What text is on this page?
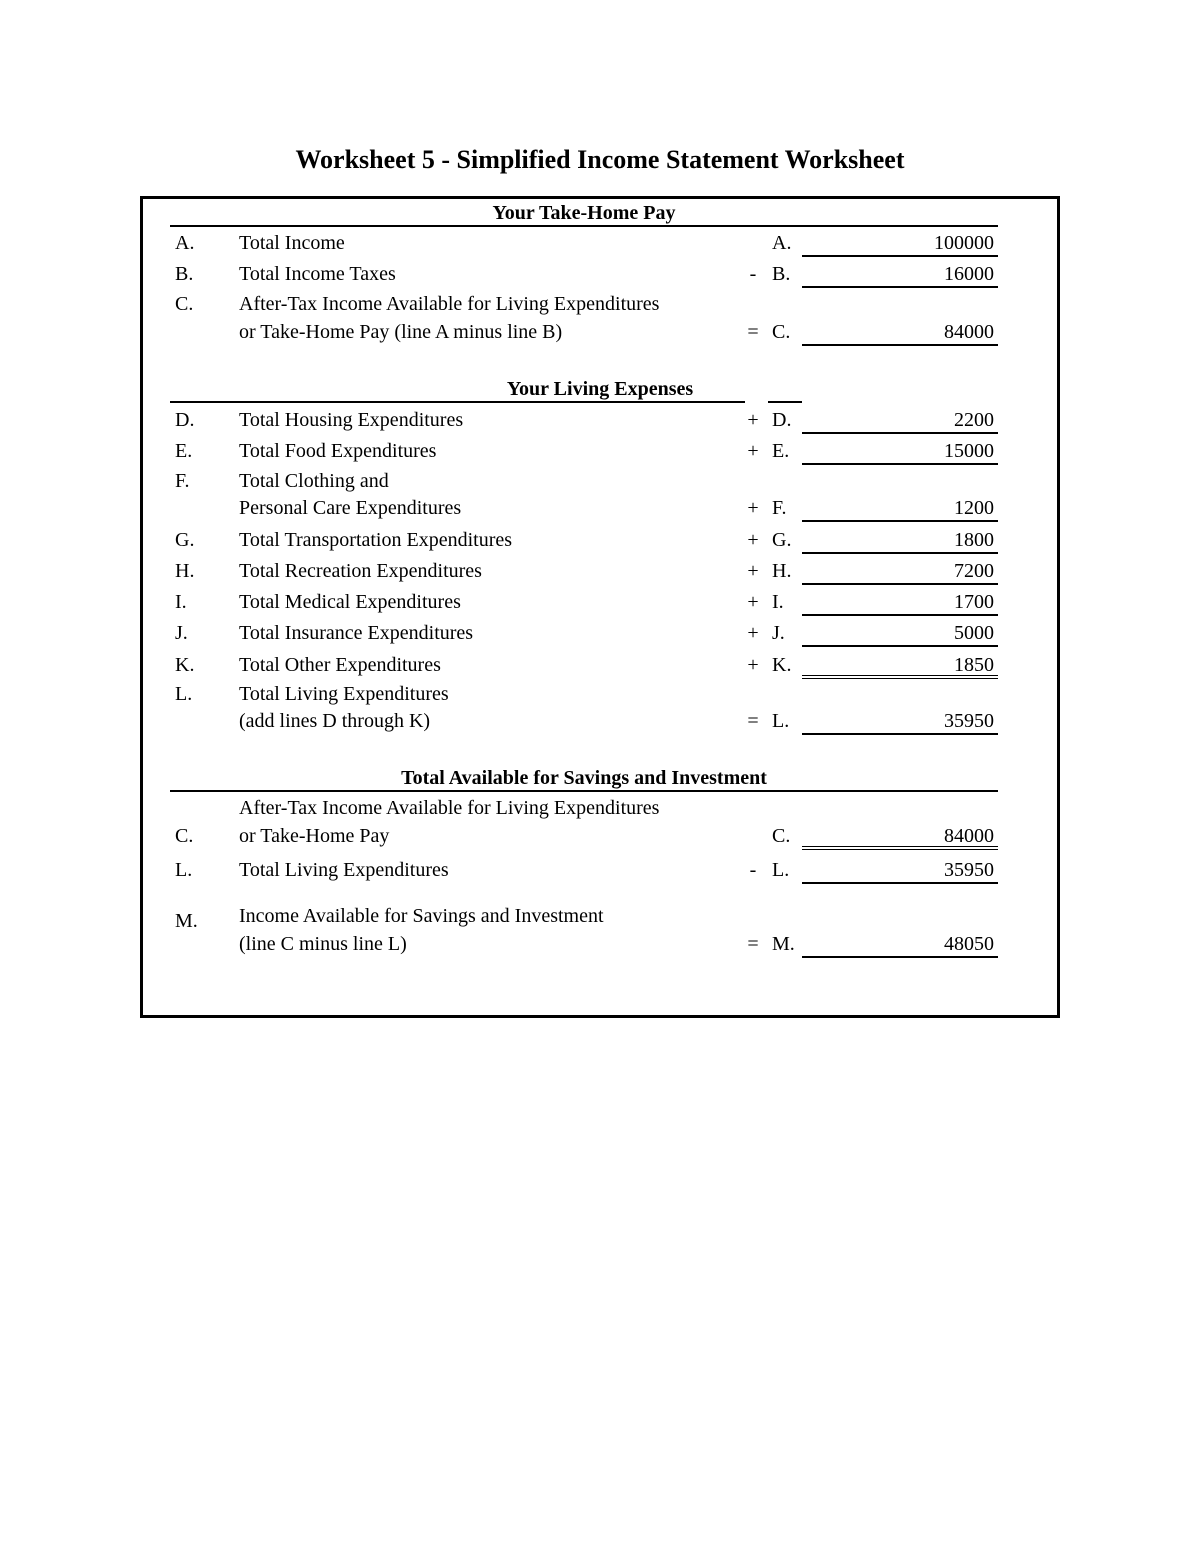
Worksheet 5 - Simplified Income Statement Worksheet
Your Take-Home Pay
A. Total Income	A.	100000
B. Total Income Taxes	- B.	16000
C. After-Tax Income Available for Living Expenditures
or Take-Home Pay (line A minus line B)	= C.	84000
Your Living Expenses
D. Total Housing Expenditures	+ D.	2200
E. Total Food Expenditures	+ E.	15000
F. Total Clothing and
Personal Care Expenditures	+ F.	1200
G. Total Transportation Expenditures	+ G.	1800
H. Total Recreation Expenditures	+ H.	7200
I.	Total Medical Expenditures	+ I.	1700
J.	Total Insurance Expenditures	+ J.	5000
K. Total Other Expenditures	+ K.	1850
L. Total Living Expenditures
(add lines D through K)	= L.	35950
Total Available for Savings and Investment
After-Tax Income Available for Living Expenditures
C. or Take-Home Pay	C.	84000
L. Total Living Expenditures	- L.	35950
Income Available for Savings and Investment
M.
(line C minus line L)	= M.	48050
